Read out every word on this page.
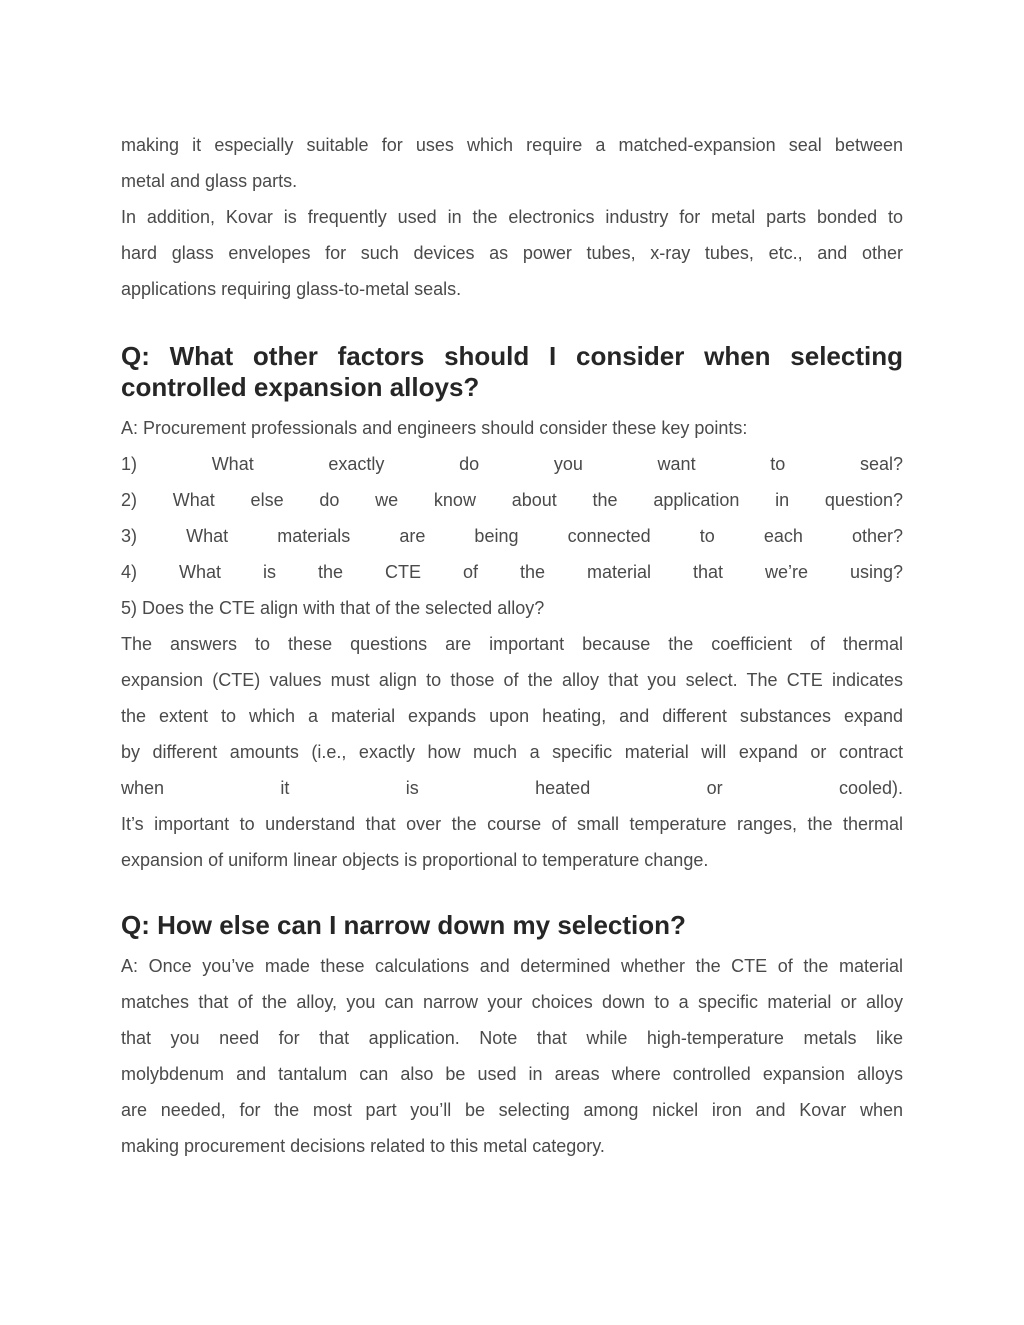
making it especially suitable for uses which require a matched-expansion seal between
metal and glass parts.
In addition, Kovar is frequently used in the electronics industry for metal parts bonded to
hard glass envelopes for such devices as power tubes, x-ray tubes, etc., and other
applications requiring glass-to-metal seals.
Q: What other factors should I consider when selecting
controlled expansion alloys?
A: Procurement professionals and engineers should consider these key points:
1) What exactly do you want to seal?
2) What else do we know about the application in question?
3) What materials are being connected to each other?
4) What is the CTE of the material that we’re using?
5) Does the CTE align with that of the selected alloy?
The answers to these questions are important because the coefficient of thermal
expansion (CTE) values must align to those of the alloy that you select. The CTE indicates
the extent to which a material expands upon heating, and different substances expand
by different amounts (i.e., exactly how much a specific material will expand or contract
when it is heated or cooled).
It’s important to understand that over the course of small temperature ranges, the thermal
expansion of uniform linear objects is proportional to temperature change.
Q: How else can I narrow down my selection?
A: Once you’ve made these calculations and determined whether the CTE of the material
matches that of the alloy, you can narrow your choices down to a specific material or alloy
that you need for that application. Note that while high-temperature metals like
molybdenum and tantalum can also be used in areas where controlled expansion alloys
are needed, for the most part you’ll be selecting among nickel iron and Kovar when
making procurement decisions related to this metal category.
